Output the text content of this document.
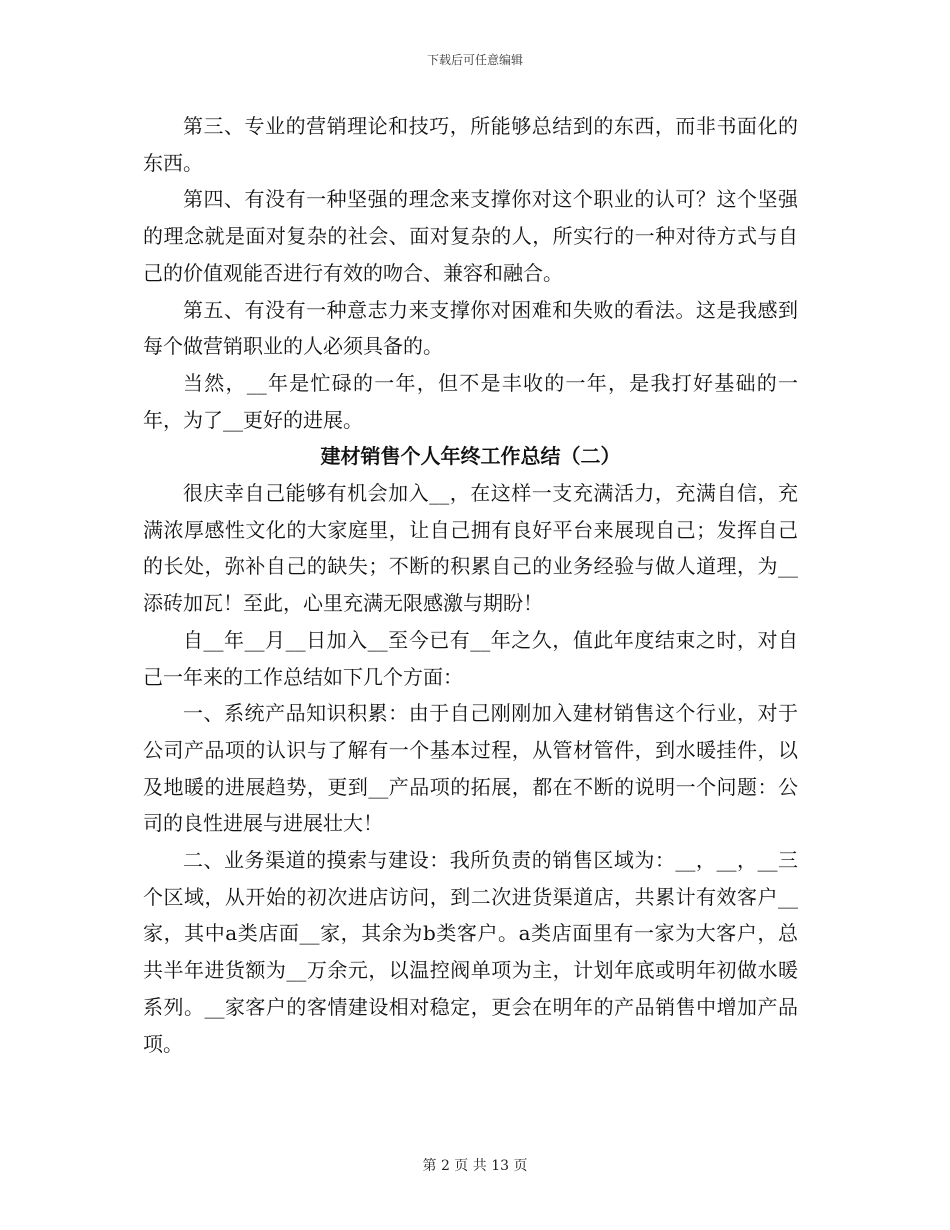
下载后可任意编辑

第三、专业的营销理论和技巧，所能够总结到的东西，而非书面化的东西。

第四、有没有一种坚强的理念来支撑你对这个职业的认可？这个坚强的理念就是面对复杂的社会、面对复杂的人，所实行的一种对待方式与自己的价值观能否进行有效的吻合、兼容和融合。

第五、有没有一种意志力来支撑你对困难和失败的看法。这是我感到每个做营销职业的人必须具备的。

当然，__年是忙碌的一年，但不是丰收的一年，是我打好基础的一年，为了__更好的进展。

建材销售个人年终工作总结（二）

很庆幸自己能够有机会加入__，在这样一支充满活力，充满自信，充满浓厚感性文化的大家庭里，让自己拥有良好平台来展现自己；发挥自己的长处，弥补自己的缺失；不断的积累自己的业务经验与做人道理，为__添砖加瓦！至此，心里充满无限感激与期盼！

自__年__月__日加入__至今已有__年之久，值此年度结束之时，对自己一年来的工作总结如下几个方面：

一、系统产品知识积累：由于自己刚刚加入建材销售这个行业，对于公司产品项的认识与了解有一个基本过程，从管材管件，到水暖挂件，以及地暖的进展趋势，更到__产品项的拓展，都在不断的说明一个问题：公司的良性进展与进展壮大！

二、业务渠道的摸索与建设：我所负责的销售区域为：__，__，__三个区域，从开始的初次进店访问，到二次进货渠道店，共累计有效客户__家，其中a类店面__家，其余为b类客户。a类店面里有一家为大客户，总共半年进货额为__万余元，以温控阀单项为主，计划年底或明年初做水暖系列。__家客户的客情建设相对稳定，更会在明年的产品销售中增加产品项。

第 2 页 共 13 页
